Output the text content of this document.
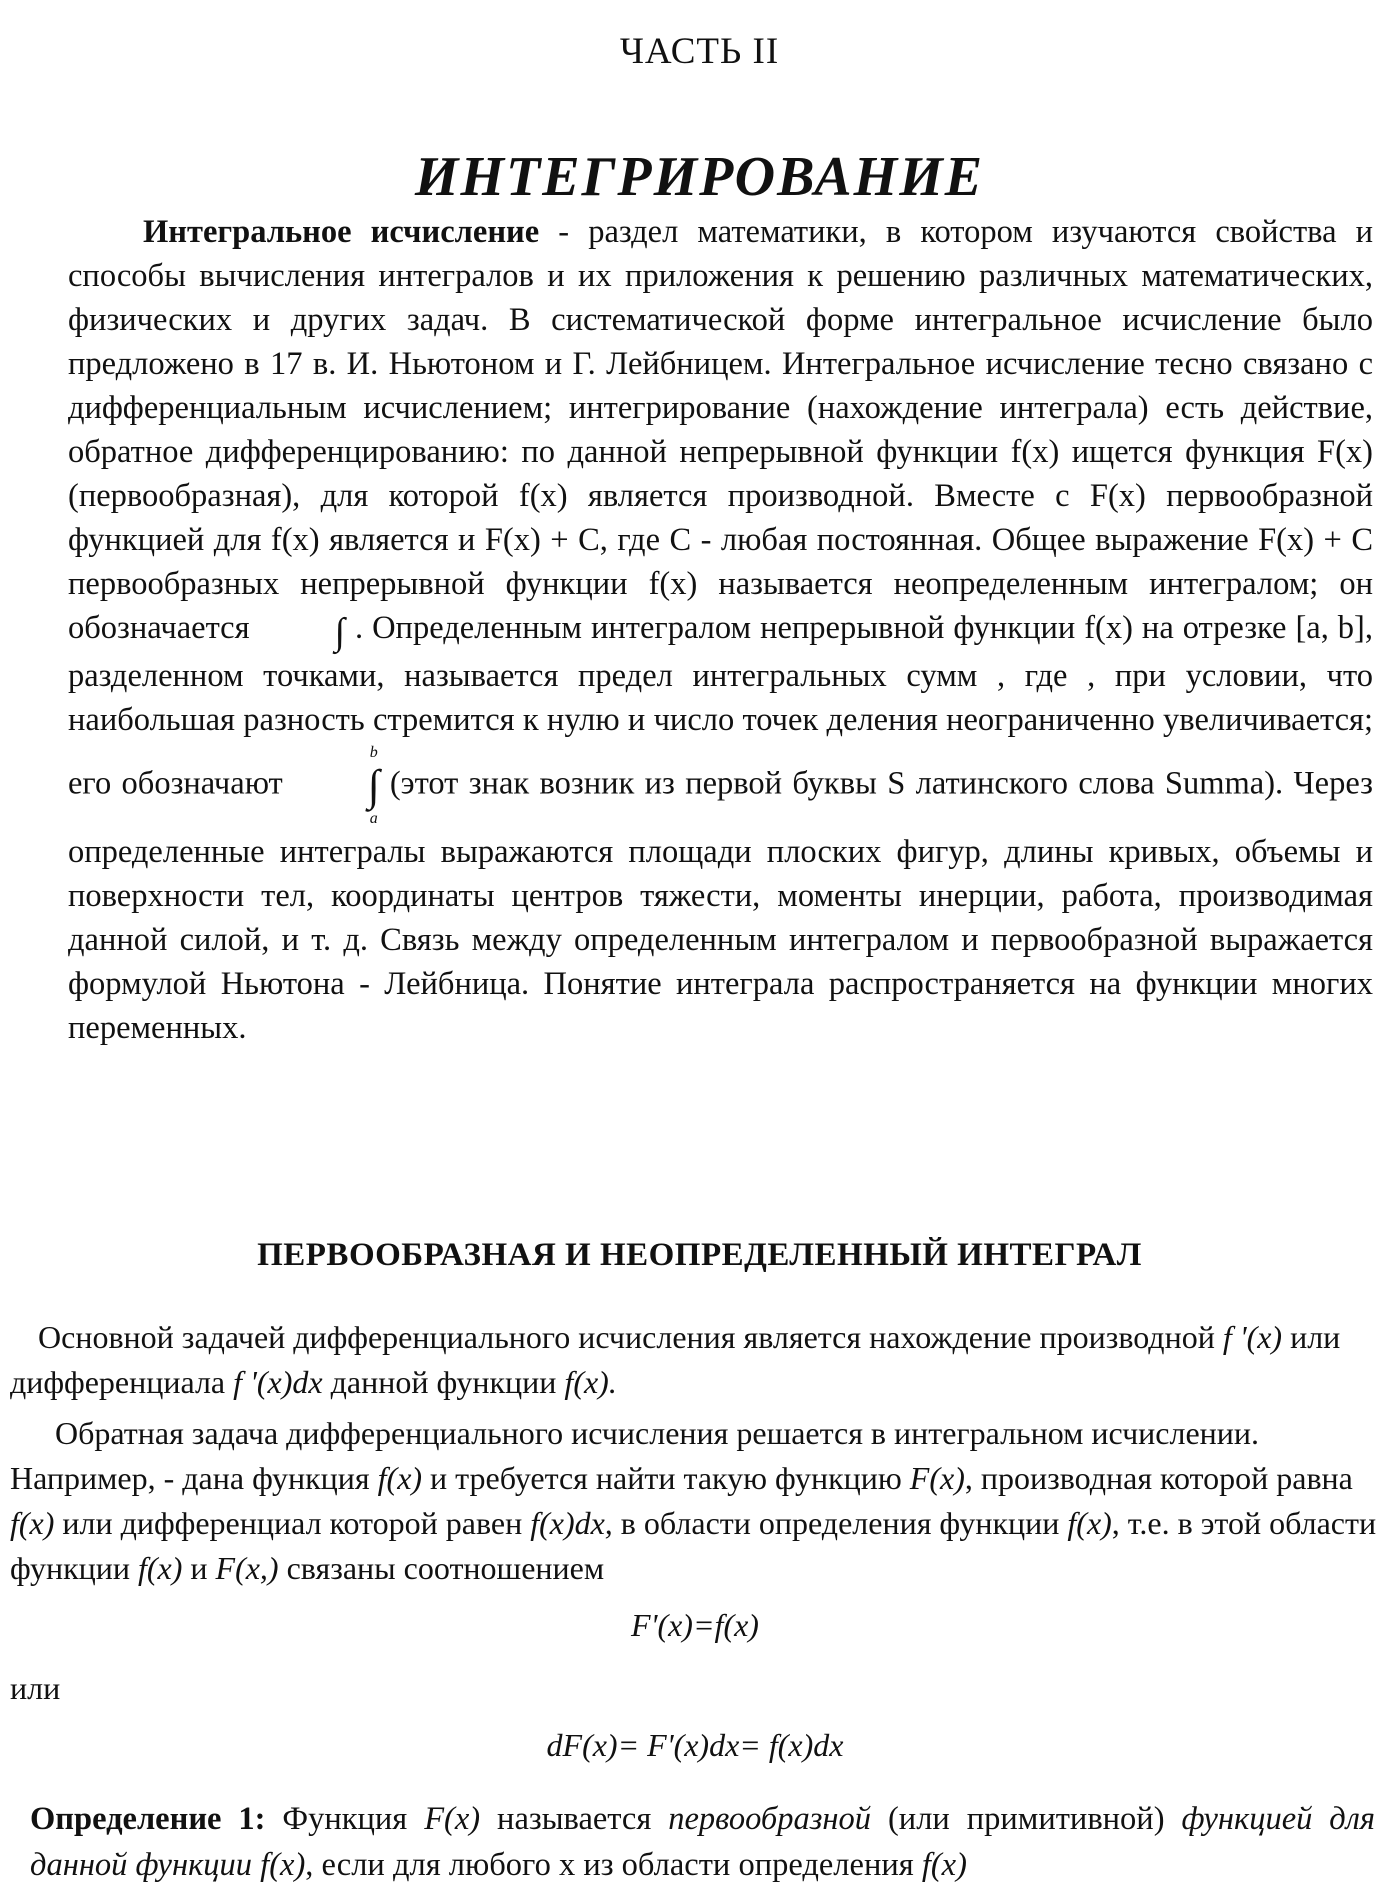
ЧАСТЬ II
ИНТЕГРИРОВАНИЕ

Интегральное исчисление - раздел математики, в котором изучаются свойства и способы вычисления интегралов и их приложения к решению различных математических, физических и других задач. В систематической форме интегральное исчисление было предложено в 17 в. И. Ньютоном и Г. Лейбницем. Интегральное исчисление тесно связано с дифференциальным исчислением; интегрирование (нахождение интеграла) есть действие, обратное дифференцированию: по данной непрерывной функции f(x) ищется функция F(x) (первообразная), для которой f(x) является производной. Вместе с F(x) первообразной функцией для f(x) является и F(x) + C, где C - любая постоянная. Общее выражение F(x) + C первообразных непрерывной функции f(x) называется неопределенным интегралом; он обозначается ∫ . Определенным интегралом непрерывной функции f(x) на отрезке [a, b], разделенном точками, называется предел интегральных сумм , где , при условии, что наибольшая разность стремится к нулю и число точек деления неограниченно увеличивается; его обозначают
b
∫
a
(этот знак возник из первой буквы S латинского слова Summa). Через определенные интегралы выражаются площади плоских фигур, длины кривых, объемы и поверхности тел, координаты центров тяжести, моменты инерции, работа, производимая данной силой, и т. д. Связь между определенным интегралом и первообразной выражается формулой Ньютона - Лейбница. Понятие интеграла распространяется на функции многих переменных.

ПЕРВООБРАЗНАЯ И НЕОПРЕДЕЛЕННЫЙ ИНТЕГРАЛ

Основной задачей дифференциального исчисления является нахождение производной f '(x) или дифференциала f '(x)dx данной функции f(x).

Обратная задача дифференциального исчисления решается в интегральном исчислении. Например, - дана функция f(x) и требуется найти такую функцию F(x), производная которой равна f(x) или дифференциал которой равен f(x)dx, в области определения функции f(x), т.е. в этой области функции f(x) и F(x,) связаны соотношением

F'(x)=f(x)

или

dF(x)= F'(x)dx= f(x)dx
Определение 1: Функция F(x) называется первообразной (или примитивной) функцией для данной функции f(x), если для любого x из области определения f(x)
